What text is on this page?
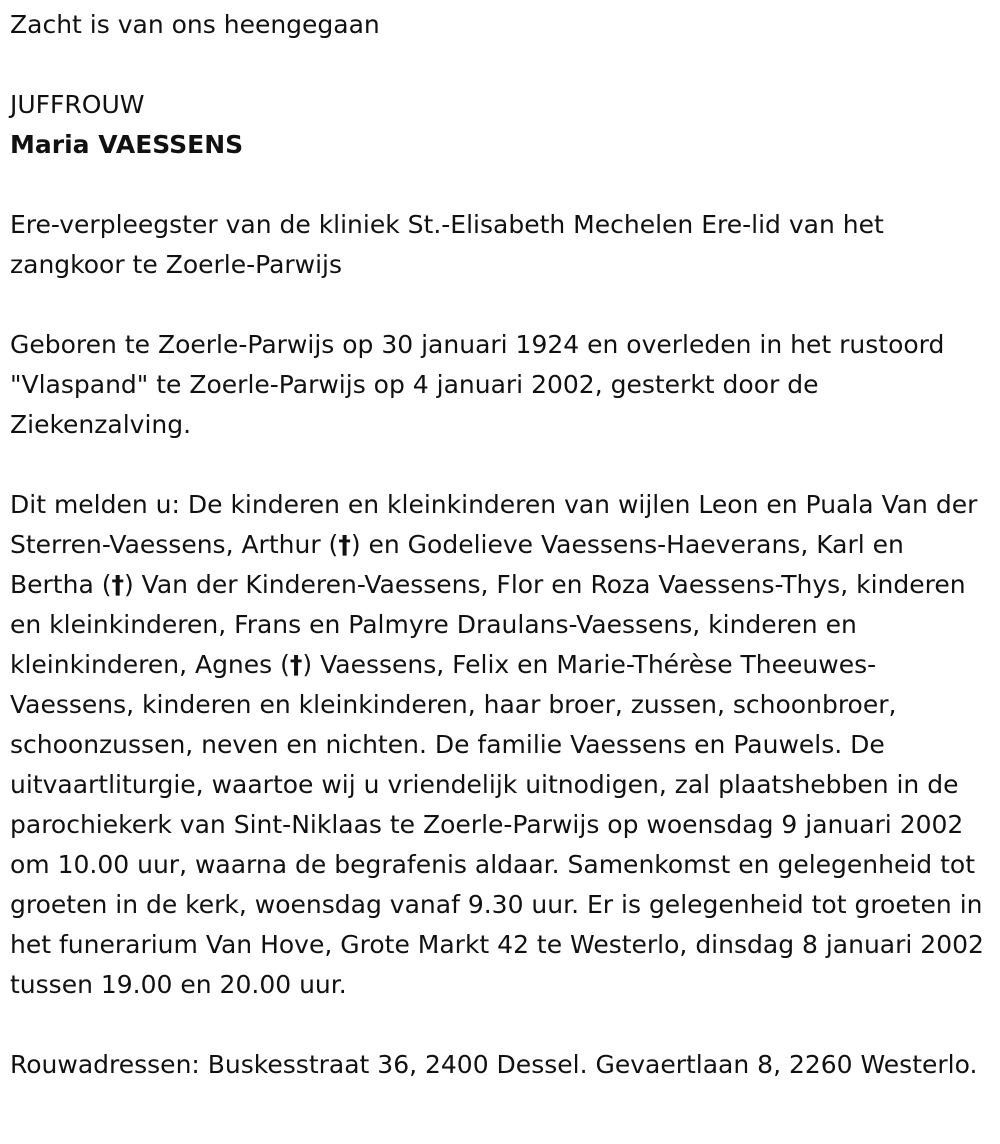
Zacht is van ons heengegaan

JUFFROUW

Maria VAESSENS

Ere-verpleegster van de kliniek St.-Elisabeth Mechelen Ere-lid van het zangkoor te Zoerle-Parwijs

Geboren te Zoerle-Parwijs op 30 januari 1924 en overleden in het rustoord "Vlaspand" te Zoerle-Parwijs op 4 januari 2002, gesterkt door de Ziekenzalving.

Dit melden u: De kinderen en kleinkinderen van wijlen Leon en Puala Van der Sterren-Vaessens, Arthur (†) en Godelieve Vaessens-Haeverans, Karl en Bertha (†) Van der Kinderen-Vaessens, Flor en Roza Vaessens-Thys, kinderen en kleinkinderen, Frans en Palmyre Draulans-Vaessens, kinderen en kleinkinderen, Agnes (†) Vaessens, Felix en Marie-Thérèse Theeuwes-Vaessens, kinderen en kleinkinderen, haar broer, zussen, schoonbroer, schoonzussen, neven en nichten. De familie Vaessens en Pauwels. De uitvaartliturgie, waartoe wij u vriendelijk uitnodigen, zal plaatshebben in de parochiekerk van Sint-Niklaas te Zoerle-Parwijs op woensdag 9 januari 2002 om 10.00 uur, waarna de begrafenis aldaar. Samenkomst en gelegenheid tot groeten in de kerk, woensdag vanaf 9.30 uur. Er is gelegenheid tot groeten in het funerarium Van Hove, Grote Markt 42 te Westerlo, dinsdag 8 januari 2002 tussen 19.00 en 20.00 uur.

Rouwadressen: Buskesstraat 36, 2400 Dessel. Gevaertlaan 8, 2260 Westerlo.
